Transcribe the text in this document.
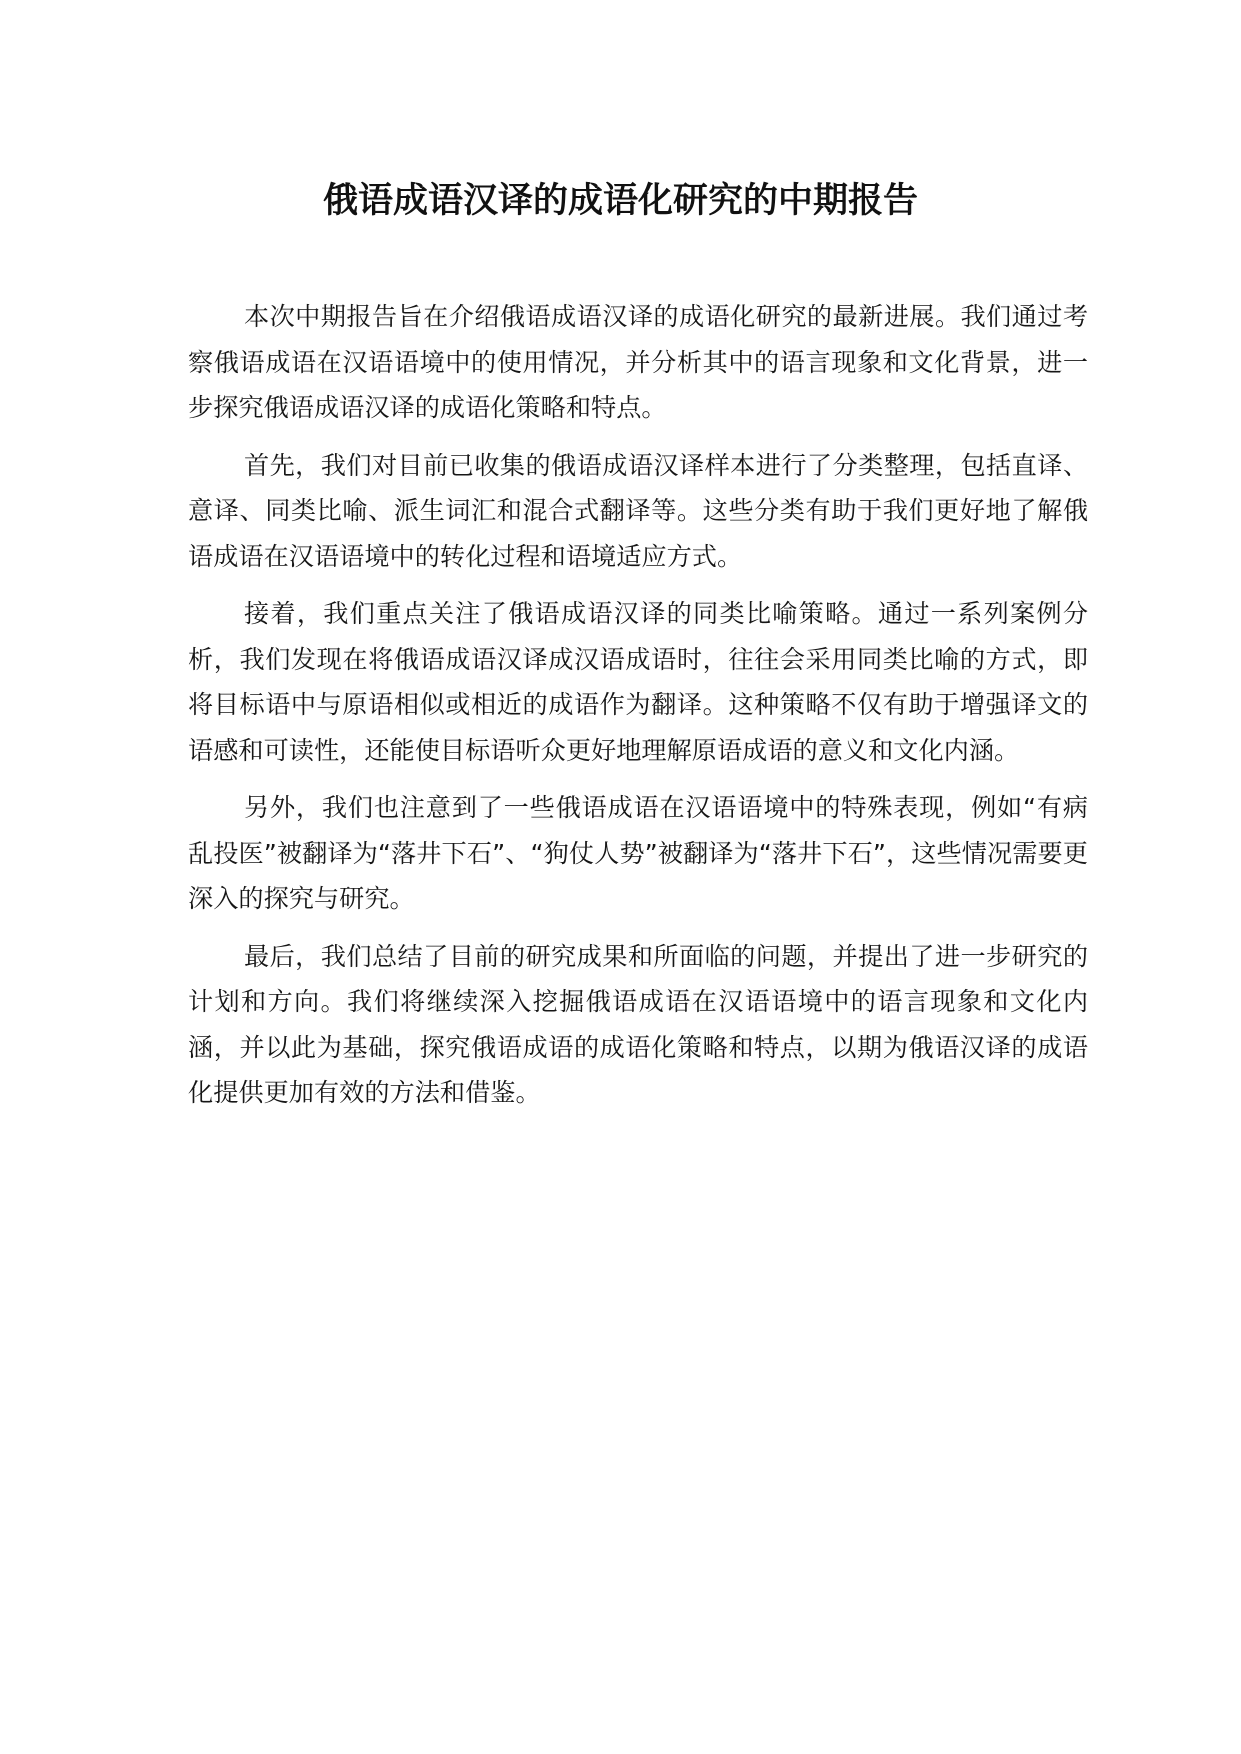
俄语成语汉译的成语化研究的中期报告

本次中期报告旨在介绍俄语成语汉译的成语化研究的最新进展。我们通过考察俄语成语在汉语语境中的使用情况，并分析其中的语言现象和文化背景，进一步探究俄语成语汉译的成语化策略和特点。

首先，我们对目前已收集的俄语成语汉译样本进行了分类整理，包括直译、意译、同类比喻、派生词汇和混合式翻译等。这些分类有助于我们更好地了解俄语成语在汉语语境中的转化过程和语境适应方式。

接着，我们重点关注了俄语成语汉译的同类比喻策略。通过一系列案例分析，我们发现在将俄语成语汉译成汉语成语时，往往会采用同类比喻的方式，即将目标语中与原语相似或相近的成语作为翻译。这种策略不仅有助于增强译文的语感和可读性，还能使目标语听众更好地理解原语成语的意义和文化内涵。

另外，我们也注意到了一些俄语成语在汉语语境中的特殊表现，例如“有病乱投医”被翻译为“落井下石”、“狗仗人势”被翻译为“落井下石”，这些情况需要更深入的探究与研究。

最后，我们总结了目前的研究成果和所面临的问题，并提出了进一步研究的计划和方向。我们将继续深入挖掘俄语成语在汉语语境中的语言现象和文化内涵，并以此为基础，探究俄语成语的成语化策略和特点，以期为俄语汉译的成语化提供更加有效的方法和借鉴。
